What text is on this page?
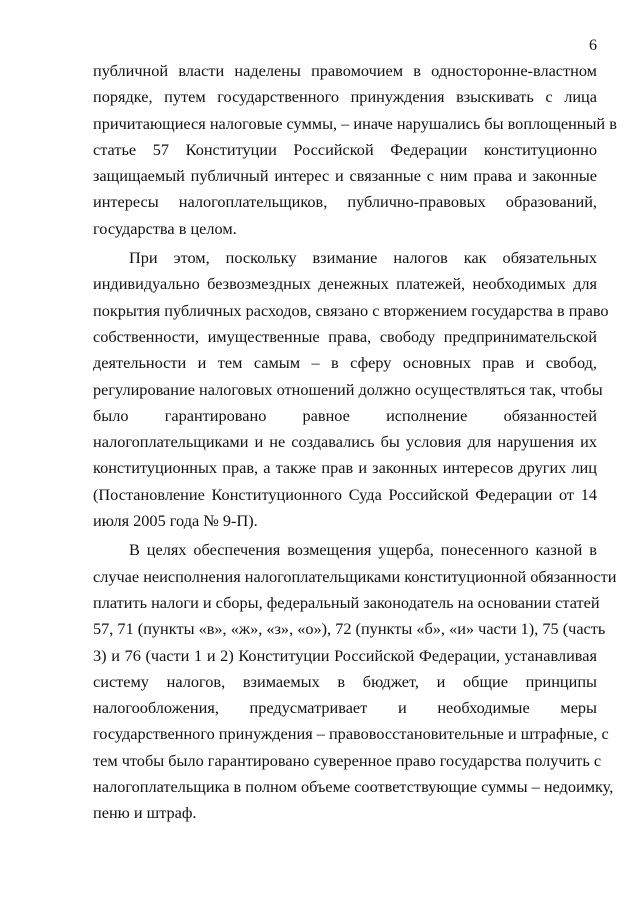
6
публичной власти наделены правомочием в односторонне-властном
порядке, путем государственного принуждения взыскивать с лица
причитающиеся налоговые суммы, – иначе нарушались бы воплощенный в
статье 57 Конституции Российской Федерации конституционно
защищаемый публичный интерес и связанные с ним права и законные
интересы налогоплательщиков, публично-правовых образований,
государства в целом.
При этом, поскольку взимание налогов как обязательных
индивидуально безвозмездных денежных платежей, необходимых для
покрытия публичных расходов, связано с вторжением государства в право
собственности, имущественные права, свободу предпринимательской
деятельности и тем самым – в сферу основных прав и свобод,
регулирование налоговых отношений должно осуществляться так, чтобы
было гарантировано равное исполнение обязанностей
налогоплательщиками и не создавались бы условия для нарушения их
конституционных прав, а также прав и законных интересов других лиц
(Постановление Конституционного Суда Российской Федерации от 14
июля 2005 года № 9-П).
В целях обеспечения возмещения ущерба, понесенного казной в
случае неисполнения налогоплательщиками конституционной обязанности
платить налоги и сборы, федеральный законодатель на основании статей
57, 71 (пункты «в», «ж», «з», «о»), 72 (пункты «б», «и» части 1), 75 (часть
3) и 76 (части 1 и 2) Конституции Российской Федерации, устанавливая
систему налогов, взимаемых в бюджет, и общие принципы
налогообложения, предусматривает и необходимые меры
государственного принуждения – правовосстановительные и штрафные, с
тем чтобы было гарантировано суверенное право государства получить с
налогоплательщика в полном объеме соответствующие суммы – недоимку,
пеню и штраф.
